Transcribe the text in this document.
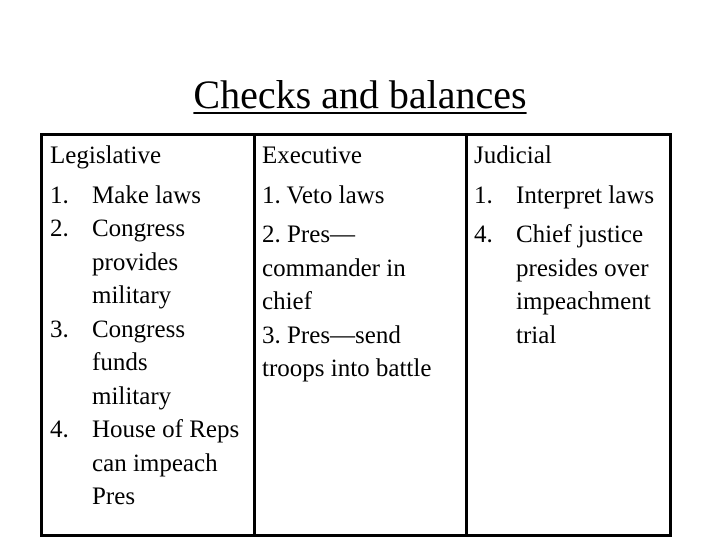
Checks and balances
Legislative
1. Make laws
2. Congress provides military
3. Congress funds military
4. House of Reps can impeach Pres
Executive
1. Veto laws
2. Pres— commander in chief
3. Pres—send troops into battle
Judicial
1. Interpret laws
4. Chief justice presides over impeachment trial
